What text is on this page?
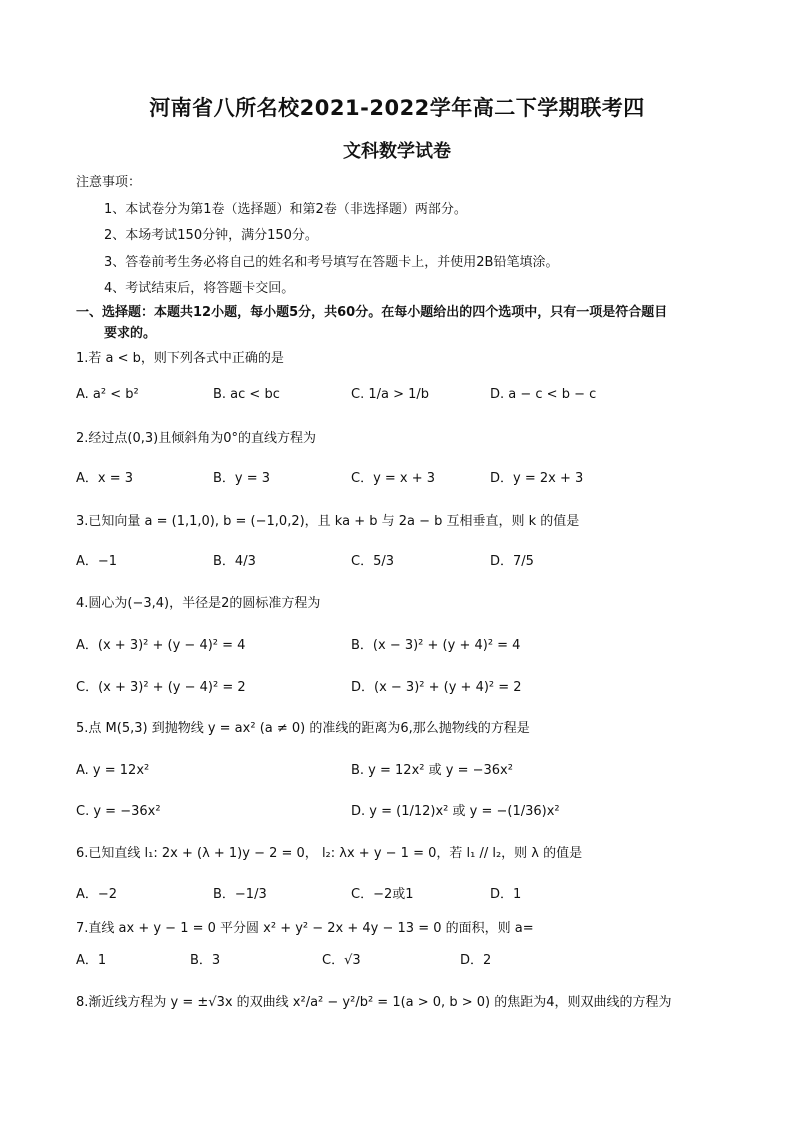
河南省八所名校2021-2022学年高二下学期联考四
文科数学试卷
注意事项：
1、本试卷分为第1卷（选择题）和第2卷（非选择题）两部分。
2、本场考试150分钟，满分150分。
3、答卷前考生务必将自己的姓名和考号填写在答题卡上，并使用2B铅笔填涂。
4、考试结束后，将答题卡交回。
一、选择题：本题共12小题，每小题5分，共60分。在每小题给出的四个选项中，只有一项是符合题目
要求的。
1.若 a < b，则下列各式中正确的是
A. a² < b²	B. ac < bc	C. 1/a > 1/b	D. a − c < b − c
2.经过点(0,3)且倾斜角为0°的直线方程为
A．x = 3	B．y = 3	C．y = x + 3	D．y = 2x + 3
3.已知向量 a = (1,1,0), b = (−1,0,2)，且 ka + b 与 2a − b 互相垂直，则 k 的值是
A．−1	B．4/3	C．5/3	D．7/5
4.圆心为(−3,4)，半径是2的圆标准方程为
A．(x + 3)² + (y − 4)² = 4	B．(x − 3)² + (y + 4)² = 4
C．(x + 3)² + (y − 4)² = 2	D．(x − 3)² + (y + 4)² = 2
5.点 M(5,3) 到抛物线 y = ax² (a ≠ 0) 的准线的距离为6,那么抛物线的方程是
A. y = 12x²	B. y = 12x² 或 y = −36x²
C. y = −36x²	D. y = (1/12)x² 或 y = −(1/36)x²
6.已知直线 l₁: 2x + (λ + 1)y − 2 = 0， l₂: λx + y − 1 = 0，若 l₁ // l₂，则 λ 的值是
A．−2	B．−1/3	C．−2或1	D．1
7.直线 ax + y − 1 = 0 平分圆 x² + y² − 2x + 4y − 13 = 0 的面积，则 a=
A．1	B．3	C．√3	D．2
8.渐近线方程为 y = ±√3x 的双曲线 x²/a² − y²/b² = 1(a > 0, b > 0) 的焦距为4，则双曲线的方程为
